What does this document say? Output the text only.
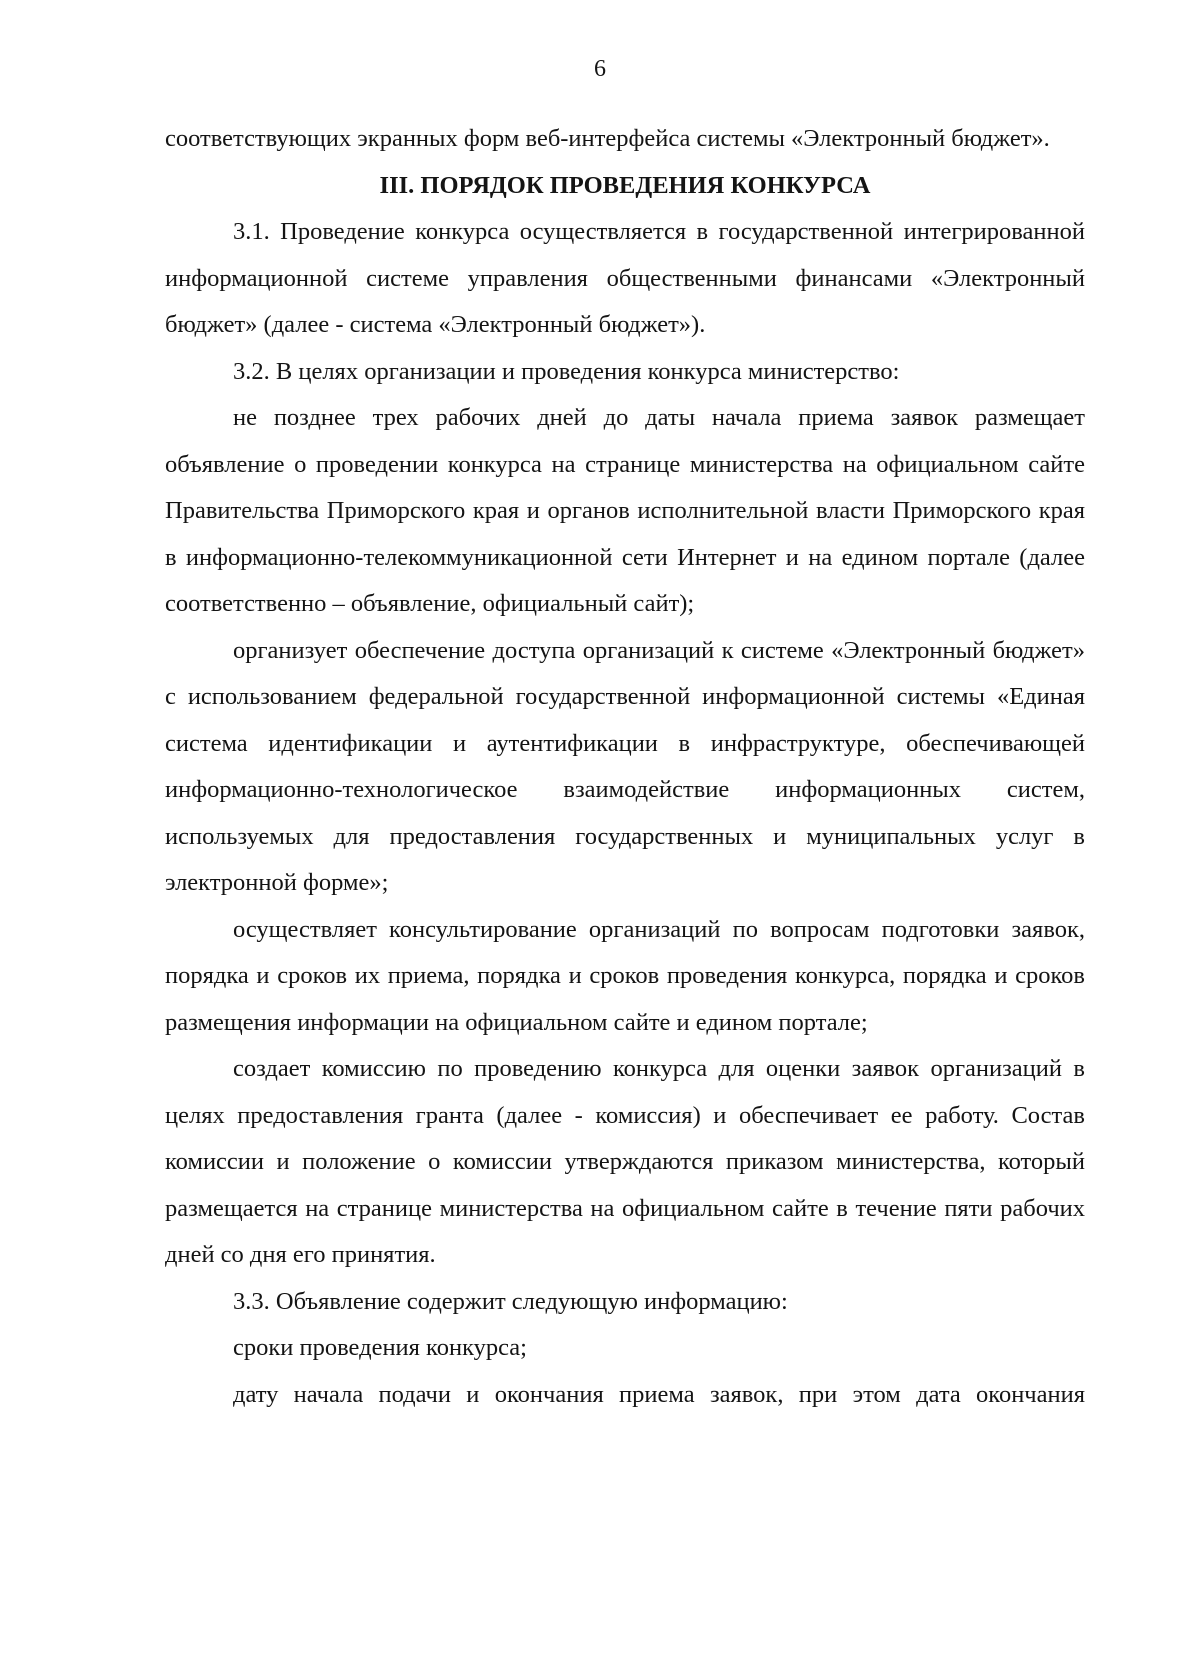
6

соответствующих экранных форм веб-интерфейса системы «Электронный бюджет».

III. ПОРЯДОК ПРОВЕДЕНИЯ КОНКУРСА

3.1. Проведение конкурса осуществляется в государственной интегрированной информационной системе управления общественными финансами «Электронный бюджет» (далее - система «Электронный бюджет»).

3.2. В целях организации и проведения конкурса министерство:

не позднее трех рабочих дней до даты начала приема заявок размещает объявление о проведении конкурса на странице министерства на официальном сайте Правительства Приморского края и органов исполнительной власти Приморского края в информационно-телекоммуникационной сети Интернет и на едином портале (далее соответственно – объявление, официальный сайт);

организует обеспечение доступа организаций к системе «Электронный бюджет» с использованием федеральной государственной информационной системы «Единая система идентификации и аутентификации в инфраструктуре, обеспечивающей информационно-технологическое взаимодействие информационных систем, используемых для предоставления государственных и муниципальных услуг в электронной форме»;

осуществляет консультирование организаций по вопросам подготовки заявок, порядка и сроков их приема, порядка и сроков проведения конкурса, порядка и сроков размещения информации на официальном сайте и едином портале;

создает комиссию по проведению конкурса для оценки заявок организаций в целях предоставления гранта (далее - комиссия) и обеспечивает ее работу. Состав комиссии и положение о комиссии утверждаются приказом министерства, который размещается на странице министерства на официальном сайте в течение пяти рабочих дней со дня его принятия.

3.3. Объявление содержит следующую информацию:

сроки проведения конкурса;

дату начала подачи и окончания приема заявок, при этом дата окончания
